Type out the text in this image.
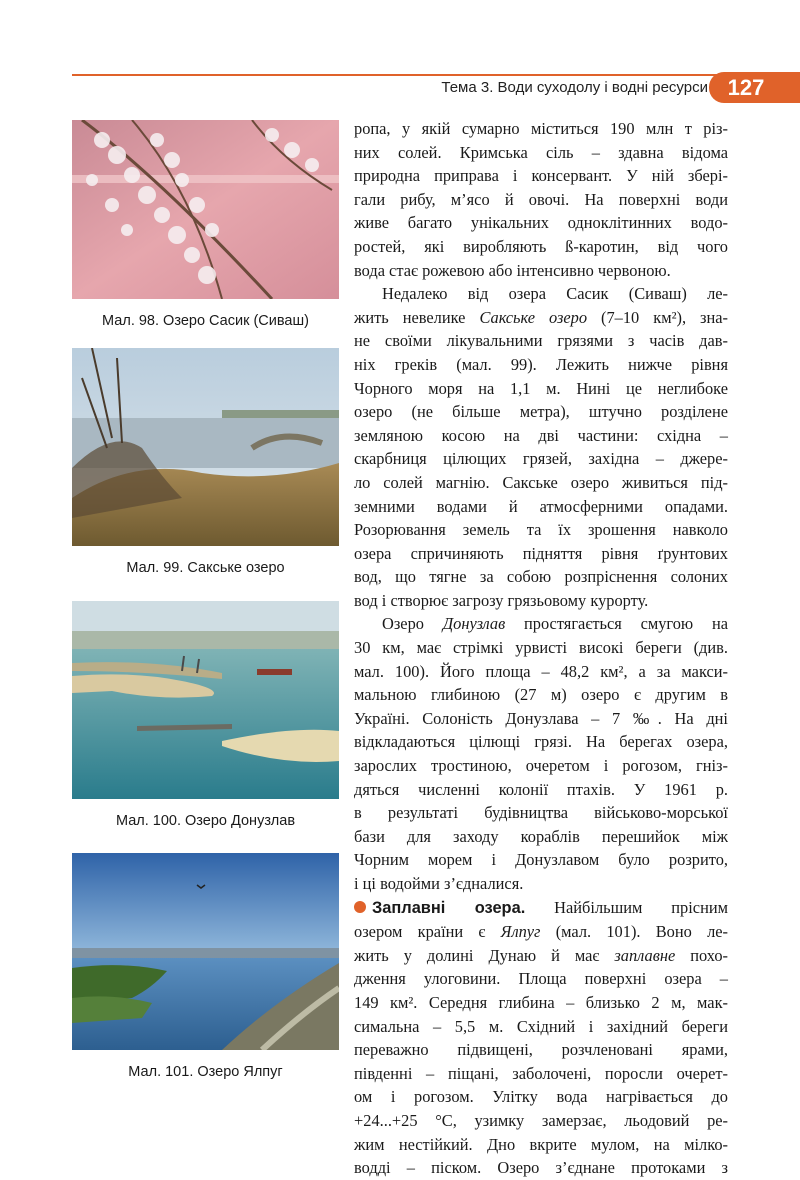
Тема 3. Води суходолу і водні ресурси 127
Мал. 98. Озеро Сасик (Сиваш)
Мал. 99. Сакське озеро
Мал. 100. Озеро Донузлав
Мал. 101. Озеро Ялпуг

ропа, у якій сумарно міститься 190 млн т різ-
них солей. Кримська сіль – здавна відома
природна приправа і консервант. У ній збері-
гали рибу, м’ясо й овочі. На поверхні води
живе багато унікальних одноклітинних водо-
ростей, які виробляють ß-каротин, від чого

вода стає рожевою або інтенсивно червоною.

Недалеко від озера Сасик (Сиваш) ле-
жить невелике Сакське озеро (7–10 км²), зна-
не своїми лікувальними грязями з часів дав-
ніх греків (мал. 99). Лежить нижче рівня
Чорного моря на 1,1 м. Нині це неглибоке
озеро (не більше метра), штучно розділене
земляною косою на дві частини: східна –
скарбниця цілющих грязей, західна – джере-
ло солей магнію. Сакське озеро живиться під-
земними водами й атмосферними опадами.
Розорювання земель та їх зрошення навколо
озера спричиняють підняття рівня ґрунтових
вод, що тягне за собою розпріснення солоних

вод і створює загрозу грязьовому курорту.

Озеро Донузлав простягається смугою на
30 км, має стрімкі урвисті високі береги (див.
мал. 100). Його площа – 48,2 км², а за макси-
мальною глибиною (27 м) озеро є другим в
Україні. Солоність Донузлава – 7 ‰. На дні
відкладаються цілющі грязі. На берегах озера,
зарослих тростиною, очеретом і рогозом, гніз-
дяться численні колонії птахів. У 1961 р.
в результаті будівництва військово-морської
бази для заходу кораблів перешийок між
Чорним морем і Донузлавом було розрито,

і ці водойми з’єдналися.

Заплавні озера. Найбільшим прісним
озером країни є Ялпуг (мал. 101). Воно ле-
жить у долині Дунаю й має заплавне похо-
дження улоговини. Площа поверхні озера –
149 км². Середня глибина – близько 2 м, мак-
симальна – 5,5 м. Східний і західний береги
переважно підвищені, розчленовані ярами,
південні – піщані, заболочені, поросли очерет-
ом і рогозом. Улітку вода нагрівається до
+24...+25 °С, узимку замерзає, льодовий ре-
жим нестійкий. Дно вкрите мулом, на мілко-
водді – піском. Озеро з’єднане протоками з
